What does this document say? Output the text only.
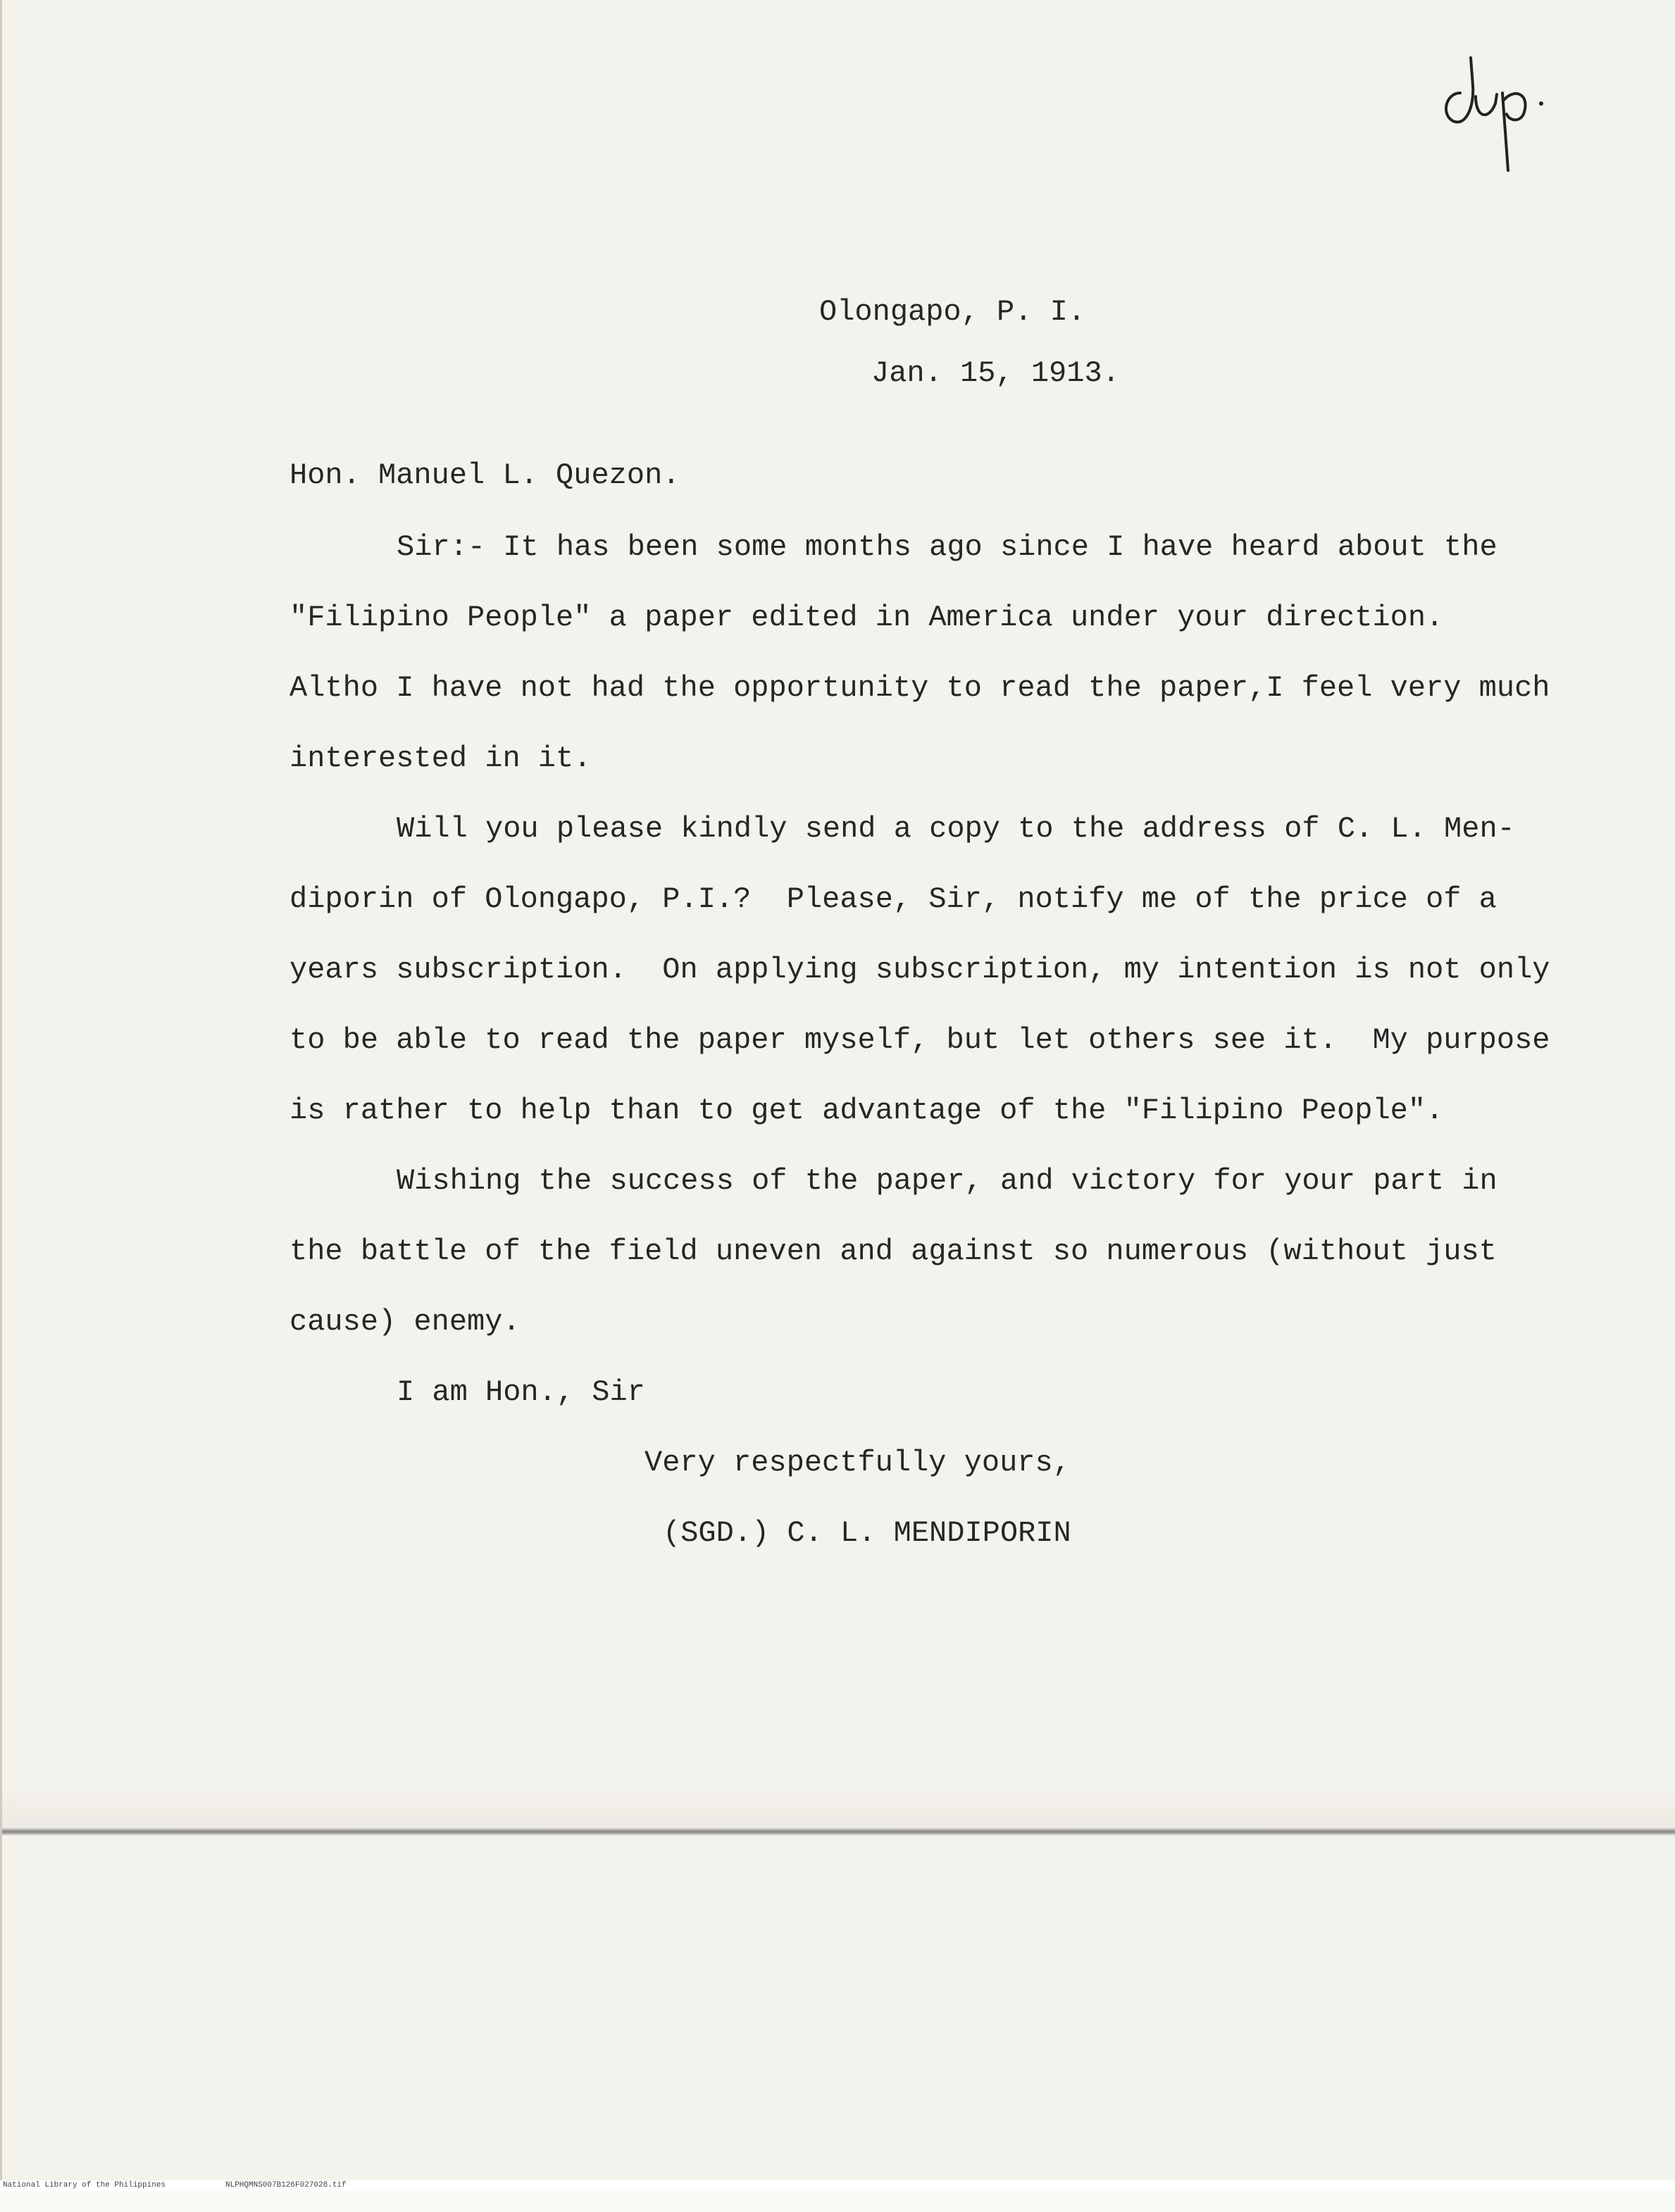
Olongapo, P. I.
Jan. 15, 1913.
Hon. Manuel L. Quezon.
Sir:- It has been some months ago since I have heard about the
"Filipino People" a paper edited in America under your direction.
Altho I have not had the opportunity to read the paper,I feel very much
interested in it.
Will you please kindly send a copy to the address of C. L. Men-
diporin of Olongapo, P.I.?  Please, Sir, notify me of the price of a
years subscription.  On applying subscription, my intention is not only
to be able to read the paper myself, but let others see it.  My purpose
is rather to help than to get advantage of the "Filipino People".
Wishing the success of the paper, and victory for your part in
the battle of the field uneven and against so numerous (without just
cause) enemy.
I am Hon., Sir
Very respectfully yours,
(SGD.) C. L. MENDIPORIN

National Library of the Philippines

	NLPHQMNS007B126F027028.tif
